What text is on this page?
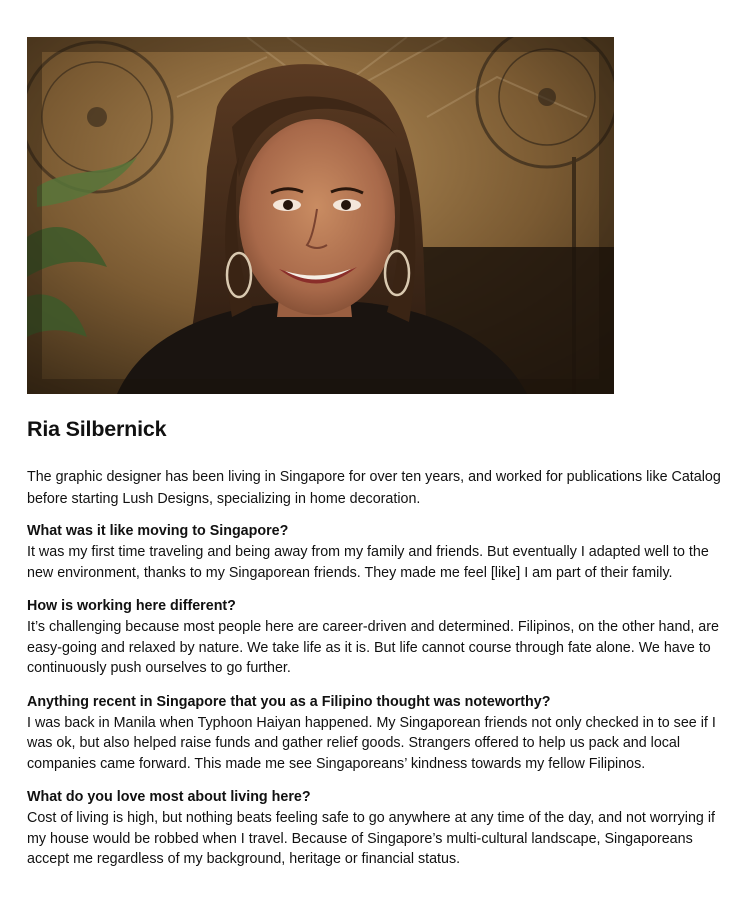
Ria Silbernick

The graphic designer has been living in Singapore for over ten years, and worked for publications like Catalog before starting Lush Designs, specializing in home decoration.

What was it like moving to Singapore?

It was my first time traveling and being away from my family and friends. But eventually I adapted well to the new environment, thanks to my Singaporean friends. They made me feel [like] I am part of their family.

How is working here different?

It’s challenging because most people here are career-driven and determined. Filipinos, on the other hand, are easy-going and relaxed by nature. We take life as it is. But life cannot course through fate alone. We have to continuously push ourselves to go further.

Anything recent in Singapore that you as a Filipino thought was noteworthy?

I was back in Manila when Typhoon Haiyan happened. My Singaporean friends not only checked in to see if I was ok, but also helped raise funds and gather relief goods. Strangers offered to help us pack and local companies came forward. This made me see Singaporeans’ kindness towards my fellow Filipinos.

What do you love most about living here?

Cost of living is high, but nothing beats feeling safe to go anywhere at any time of the day, and not worrying if my house would be robbed when I travel. Because of Singapore’s multi-cultural landscape, Singaporeans accept me regardless of my background, heritage or financial status.
